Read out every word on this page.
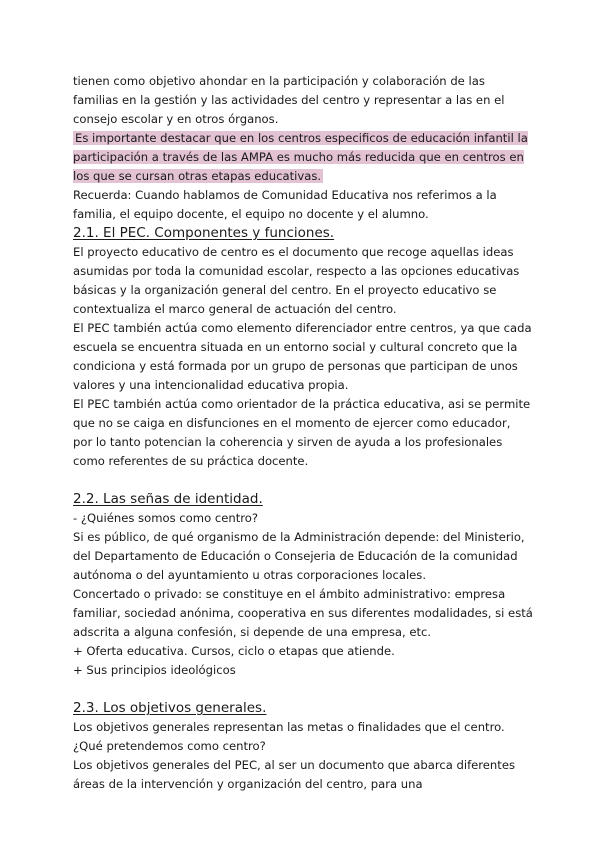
tienen como objetivo ahondar en la participación y colaboración de las familias en la gestión y las actividades del centro y representar a las en el consejo escolar y en otros órganos.

Es importante destacar que en los centros especificos de educación infantil la participación a través de las AMPA es mucho más reducida que en centros en los que se cursan otras etapas educativas.

Recuerda: Cuando hablamos de Comunidad Educativa nos referimos a la familia, el equipo docente, el equipo no docente y el alumno.

2.1. El PEC. Componentes y funciones.

El proyecto educativo de centro es el documento que recoge aquellas ideas asumidas por toda la comunidad escolar, respecto a las opciones educativas básicas y la organización general del centro. En el proyecto educativo se contextualiza el marco general de actuación del centro.

El PEC también actúa como elemento diferenciador entre centros, ya que cada escuela se encuentra situada en un entorno social y cultural concreto que la condiciona y está formada por un grupo de personas que participan de unos valores y una intencionalidad educativa propia.

El PEC también actúa como orientador de la práctica educativa, asi se permite que no se caiga en disfunciones en el momento de ejercer como educador, por lo tanto potencian la coherencia y sirven de ayuda a los profesionales como referentes de su práctica docente.

2.2. Las señas de identidad.

- ¿Quiénes somos como centro?

Si es público, de qué organismo de la Administración depende: del Ministerio, del Departamento de Educación o Consejeria de Educación de la comunidad autónoma o del ayuntamiento u otras corporaciones locales.

Concertado o privado: se constituye en el ámbito administrativo: empresa familiar, sociedad anónima, cooperativa en sus diferentes modalidades, si está adscrita a alguna confesión, si depende de una empresa, etc.

+ Oferta educativa. Cursos, ciclo o etapas que atiende.

+ Sus principios ideológicos

2.3. Los objetivos generales.

Los objetivos generales representan las metas o finalidades que el centro. ¿Qué pretendemos como centro?

Los objetivos generales del PEC, al ser un documento que abarca diferentes áreas de la intervención y organización del centro, para una
